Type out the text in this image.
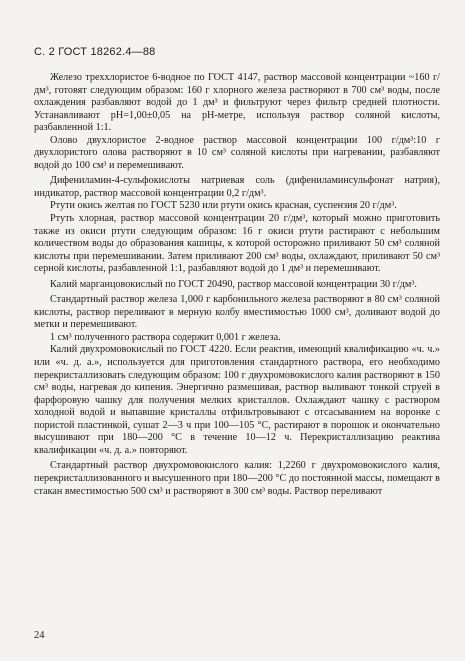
С. 2 ГОСТ 18262.4—88

Железо треххлористое 6-водное по ГОСТ 4147, раствор массовой концентрации ~160 г/дм³, готовят следующим образом: 160 г хлорного железа растворяют в 700 см³ воды, после охлаждения разбавляют водой до 1 дм³ и фильтруют через фильтр средней плотности. Устанавливают рН=1,00±0,05 на рН-метре, используя раствор соляной кислоты, разбавленной 1:1.

Олово двухлористое 2-водное раствор массовой концентрации 100 г/дм³:10 г двухлористого олова растворяют в 10 см³ соляной кислоты при нагревании, разбавляют водой до 100 см³ и перемешивают.

Дифениламин-4-сульфокислоты натриевая соль (дифениламинсульфонат натрия), индикатор, раствор массовой концентрации 0,2 г/дм³.

Ртути окись желтая по ГОСТ 5230 или ртути окись красная, суспензия 20 г/дм³.

Ртуть хлорная, раствор массовой концентрации 20 г/дм³, который можно приготовить также из окиси ртути следующим образом: 16 г окиси ртути растирают с небольшим количеством воды до образования кашицы, к которой осторожно приливают 50 см³ соляной кислоты при перемешивании. Затем приливают 200 см³ воды, охлаждают, приливают 50 см³ серной кислоты, разбавленной 1:1, разбавляют водой до 1 дм³ и перемешивают.

Калий марганцовокислый по ГОСТ 20490, раствор массовой концентрации 30 г/дм³.

Стандартный раствор железа 1,000 г карбонильного железа растворяют в 80 см³ соляной кислоты, раствор переливают в мерную колбу вместимостью 1000 см³, доливают водой до метки и перемешивают.

1 см³ полученного раствора содержит 0,001 г железа.

Калий двухромовокислый по ГОСТ 4220. Если реактив, имеющий квалификацию «ч. ч.» или «ч. д. а.», используется для приготовления стандартного раствора, его необходимо перекристаллизовать следующим образом: 100 г двухромовокислого калия растворяют в 150 см³ воды, нагревая до кипения. Энергично размешивая, раствор выливают тонкой струей в фарфоровую чашку для получения мелких кристаллов. Охлаждают чашку с раствором холодной водой и выпавшие кристаллы отфильтровывают с отсасыванием на воронке с пористой пластинкой, сушат 2—3 ч при 100—105 °С, растирают в порошок и окончательно высушивают при 180—200 °С в течение 10—12 ч. Перекристаллизацию реактива квалификации «ч. д. а.» повторяют.

Стандартный раствор двухромовокислого калия: 1,2260 г двухромовокислого калия, перекристаллизованного и высушенного при 180—200 °С до постоянной массы, помещают в стакан вместимостью 500 см³ и растворяют в 300 см³ воды. Раствор переливают

24
